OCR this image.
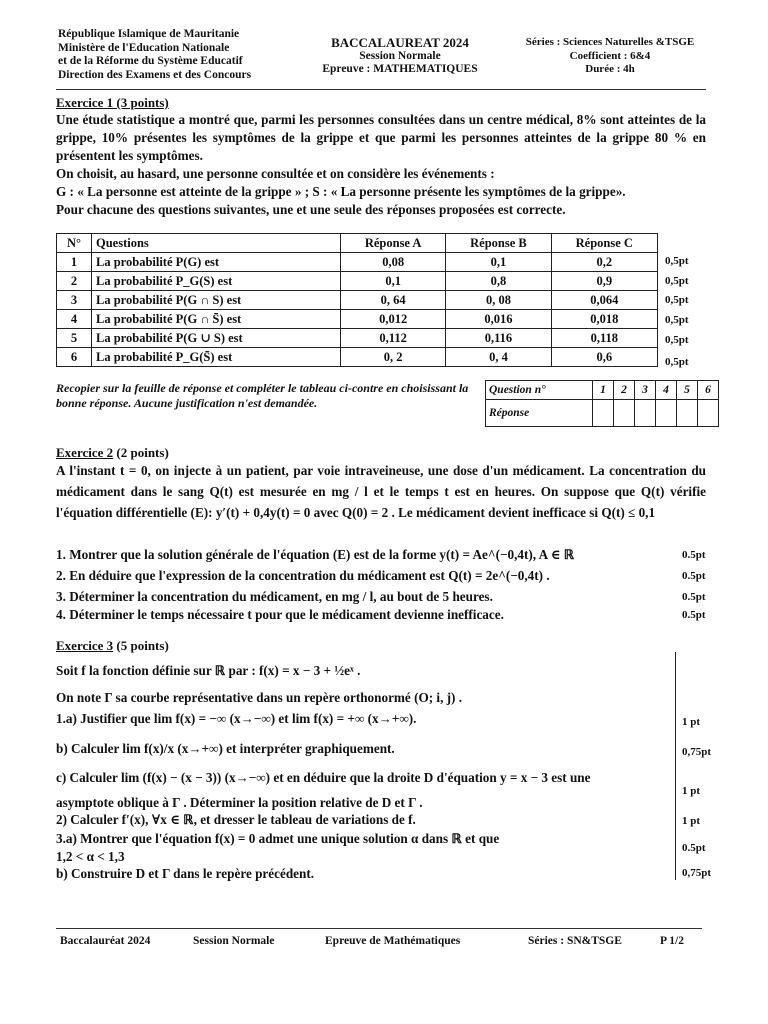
République Islamique de Mauritanie
Ministère de l'Education Nationale
et de la Réforme du Système Educatif
Direction des Examens et des Concours
BACCALAUREAT 2024
Session Normale
Epreuve : MATHEMATIQUES
Séries : Sciences Naturelles &TSGE
Coefficient : 6&4
Durée : 4h
Exercice 1 (3 points)

Une étude statistique a montré que, parmi les personnes consultées dans un centre médical, 8% sont atteintes de la grippe, 10% présentes les symptômes de la grippe et que parmi les personnes atteintes de la grippe 80 % en présentent les symptômes.

On choisit, au hasard, une personne consultée et on considère les événements :

G : « La personne est atteinte de la grippe » ; S : « La personne présente les symptômes de la grippe».

Pour chacune des questions suivantes, une et une seule des réponses proposées est correcte.

N°	Questions	Réponse A	Réponse B	Réponse C
1	La probabilité P(G) est	0,08	0,1	0,2
2	La probabilité P_G(S) est	0,1	0,8	0,9
3	La probabilité P(G ∩ S) est	0, 64	0, 08	0,064
4	La probabilité P(G ∩ S̄) est	0,012	0,016	0,018
5	La probabilité P(G ∪ S) est	0,112	0,116	0,118
6	La probabilité P_G(S̄) est	0, 2	0, 4	0,6
0,5pt
0,5pt
0,5pt
0,5pt
0,5pt
0,5pt
Recopier sur la feuille de réponse et compléter le tableau ci-contre en choisissant la bonne réponse. Aucune justification n'est demandée.
Question n°	1	2	3	4	5	6
Réponse						
Exercice 2 (2 points)

A l'instant t = 0, on injecte à un patient, par voie intraveineuse, une dose d'un médicament. La concentration du médicament dans le sang Q(t) est mesurée en mg / l et le temps t est en heures. On suppose que Q(t) vérifie l'équation différentielle (E): y′(t) + 0,4y(t) = 0 avec Q(0) = 2 . Le médicament devient inefficace si Q(t) ≤ 0,1

1. Montrer que la solution générale de l'équation (E) est de la forme y(t) = Ae^(−0,4t), A ∈ ℝ	0.5pt
2. En déduire que l'expression de la concentration du médicament est Q(t) = 2e^(−0,4t) .	0.5pt
3. Déterminer la concentration du médicament, en mg / l, au bout de 5 heures.	0.5pt
4. Déterminer le temps nécessaire t pour que le médicament devienne inefficace.	0.5pt
Exercice 3 (5 points)
Soit f la fonction définie sur ℝ par : f(x) = x − 3 + ½eˣ .
On note Γ sa courbe représentative dans un repère orthonormé (O; i, j) .
1.a) Justifier que lim f(x) = −∞ (x→−∞) et lim f(x) = +∞ (x→+∞).	1 pt
b) Calculer lim f(x)/x (x→+∞) et interpréter graphiquement.	0,75pt
c) Calculer lim (f(x) − (x − 3)) (x→−∞) et en déduire que la droite D d'équation y = x − 3 est une
asymptote oblique à Γ . Déterminer la position relative de D et Γ .
1 pt
2) Calculer f′(x), ∀x ∈ ℝ, et dresser le tableau de variations de f.	1 pt
3.a) Montrer que l'équation f(x) = 0 admet une unique solution α dans ℝ et que
0.5pt
1,2 < α < 1,3
b) Construire D et Γ dans le repère précédent.	0,75pt
Baccalauréat 2024	Session Normale	Epreuve de Mathématiques	Séries : SN&TSGE	P 1/2
